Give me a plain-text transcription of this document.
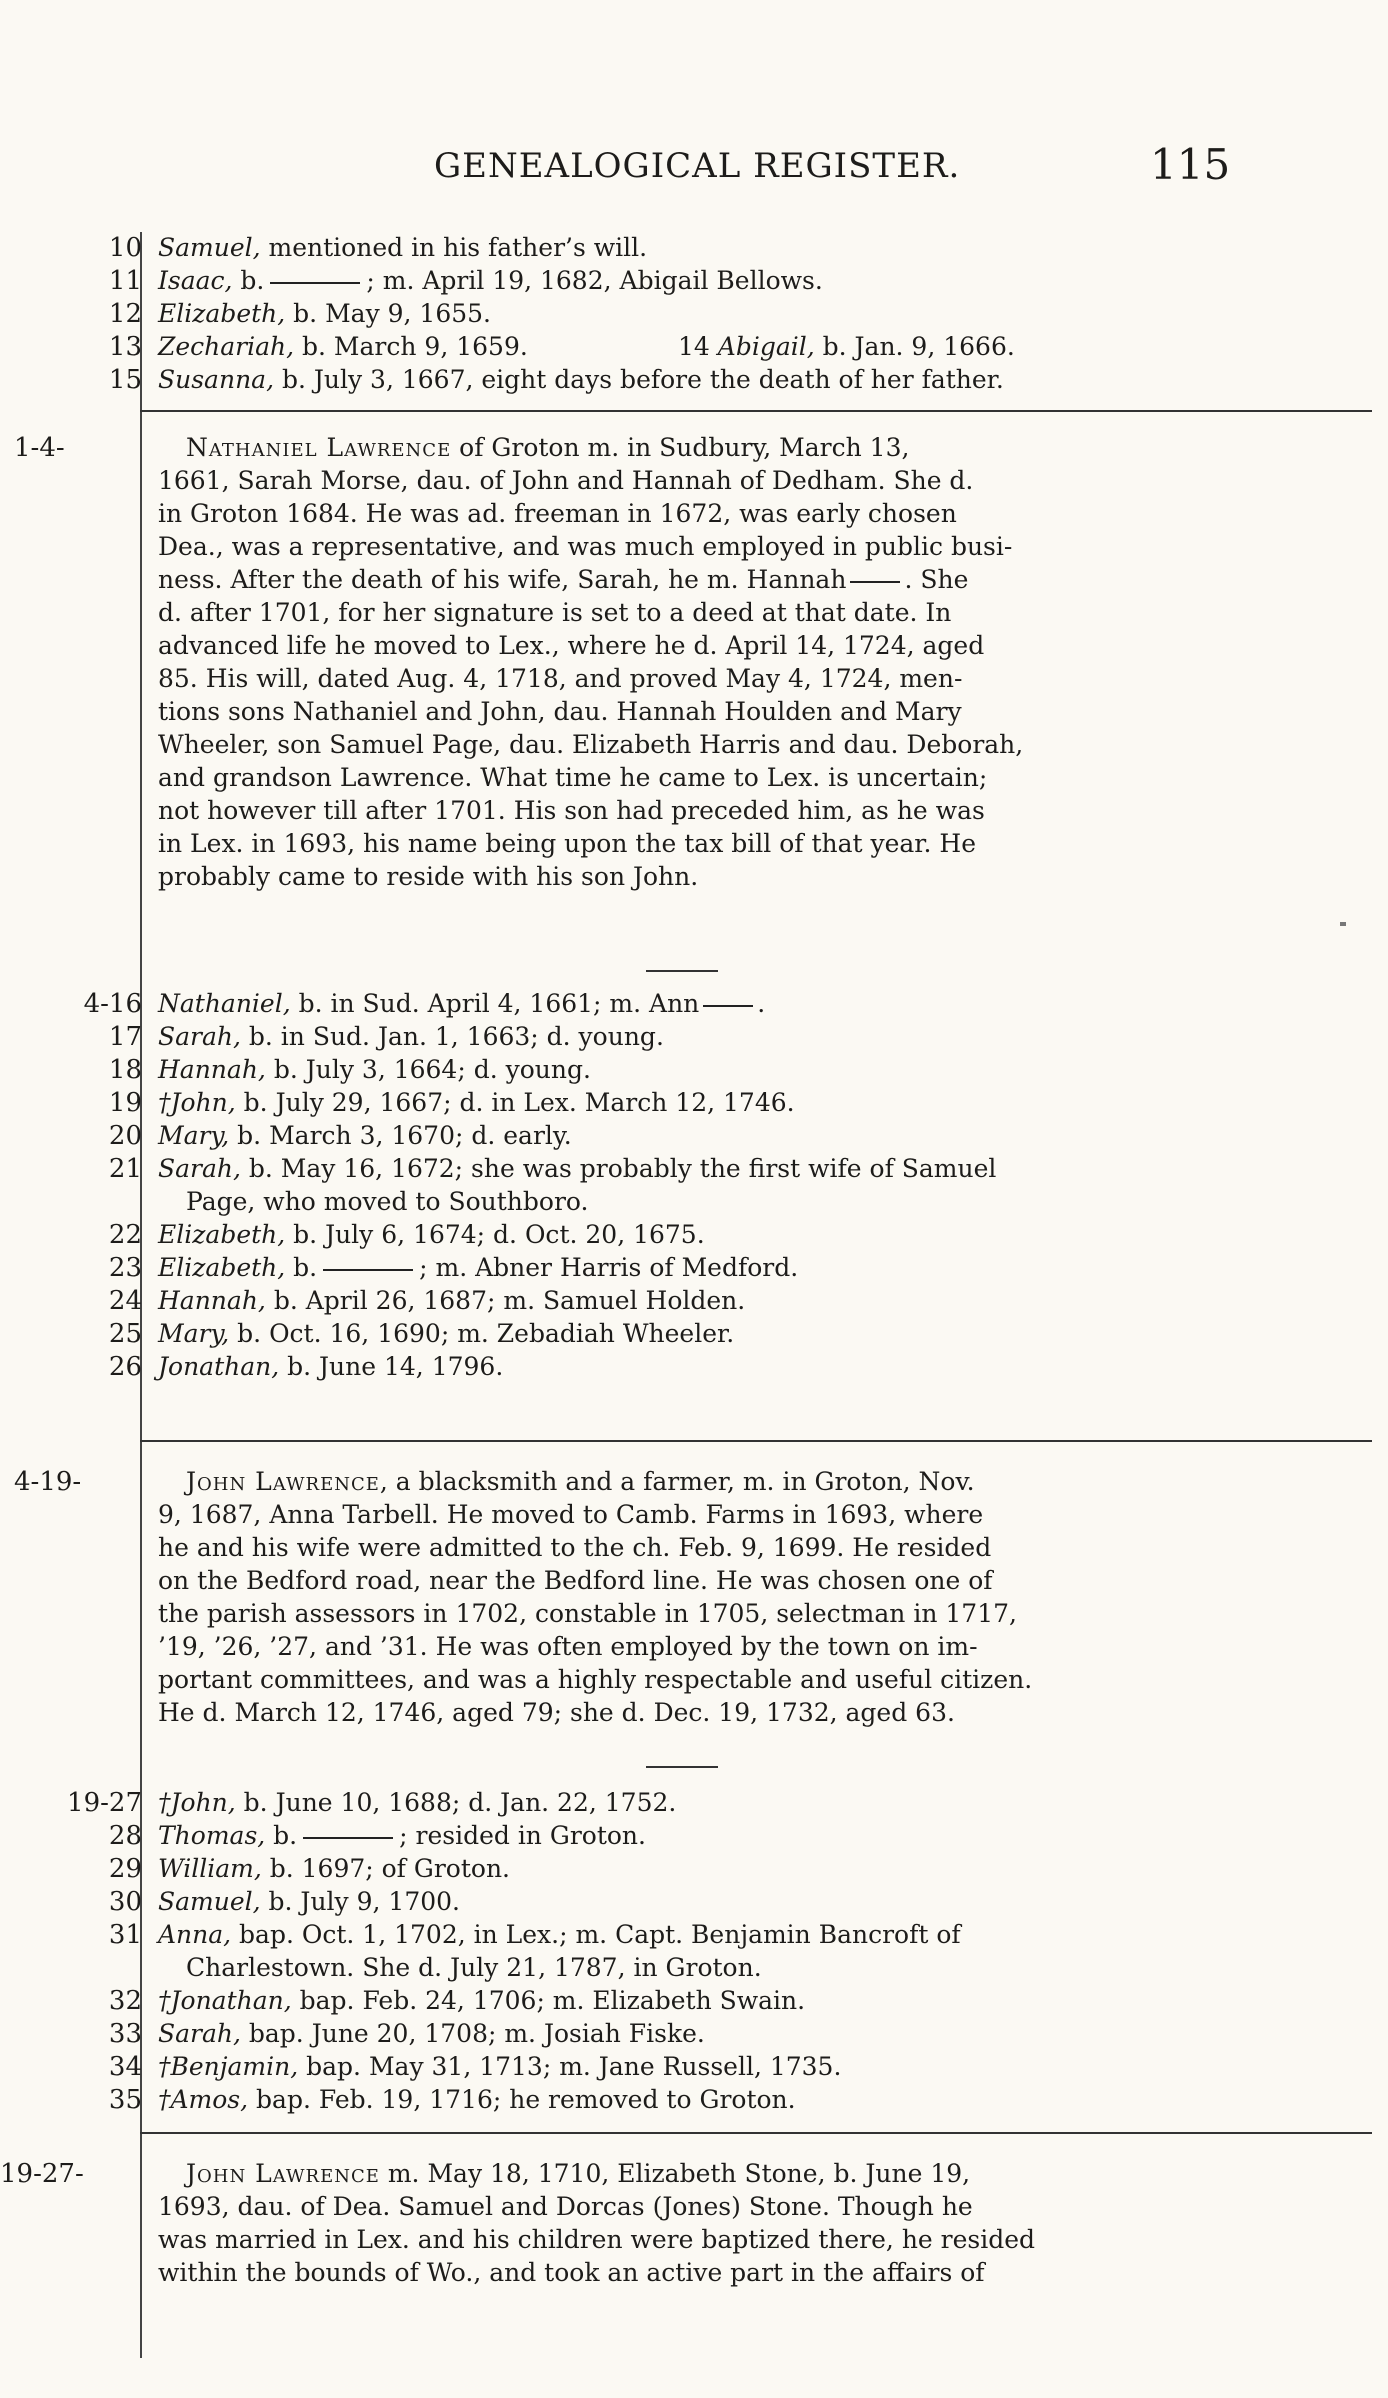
GENEALOGICAL REGISTER.	115
10 Samuel, mentioned in his father’s will.
11 Isaac, b.	; m. April 19, 1682, Abigail Bellows.
12 Elizabeth, b. May 9, 1655.
13 Zechariah, b. March 9, 1659.	14 Abigail, b. Jan. 9, 1666.
15 Susanna, b. July 3, 1667, eight days before the death of her father.
1-4-	Nathaniel Lawrence of Groton m. in Sudbury, March 13,
1661, Sarah Morse, dau. of John and Hannah of Dedham. She d.
in Groton 1684. He was ad. freeman in 1672, was early chosen
Dea., was a representative, and was much employed in public busi-
ness. After the death of his wife, Sarah, he m. Hannah . She
d. after 1701, for her signature is set to a deed at that date. In
advanced life he moved to Lex., where he d. April 14, 1724, aged
85. His will, dated Aug. 4, 1718, and proved May 4, 1724, men-
tions sons Nathaniel and John, dau. Hannah Houlden and Mary
Wheeler, son Samuel Page, dau. Elizabeth Harris and dau. Deborah,
and grandson Lawrence. What time he came to Lex. is uncertain;
not however till after 1701. His son had preceded him, as he was
in Lex. in 1693, his name being upon the tax bill of that year. He
probably came to reside with his son John.
4-16 Nathaniel, b. in Sud. April 4, 1661; m. Ann .
17 Sarah, b. in Sud. Jan. 1, 1663; d. young.
18 Hannah, b. July 3, 1664; d. young.
19 †John, b. July 29, 1667; d. in Lex. March 12, 1746.
20 Mary, b. March 3, 1670; d. early.
21 Sarah, b. May 16, 1672; she was probably the first wife of Samuel
Page, who moved to Southboro.
22 Elizabeth, b. July 6, 1674; d. Oct. 20, 1675.
23 Elizabeth, b.	; m. Abner Harris of Medford.
24 Hannah, b. April 26, 1687; m. Samuel Holden.
25 Mary, b. Oct. 16, 1690; m. Zebadiah Wheeler.
26 Jonathan, b. June 14, 1796.
4-19-	John Lawrence, a blacksmith and a farmer, m. in Groton, Nov.
9, 1687, Anna Tarbell. He moved to Camb. Farms in 1693, where
he and his wife were admitted to the ch. Feb. 9, 1699. He resided
on the Bedford road, near the Bedford line. He was chosen one of
the parish assessors in 1702, constable in 1705, selectman in 1717,
’19, ’26, ’27, and ’31. He was often employed by the town on im-
portant committees, and was a highly respectable and useful citizen.
He d. March 12, 1746, aged 79; she d. Dec. 19, 1732, aged 63.
19-27 †John, b. June 10, 1688; d. Jan. 22, 1752.
28 Thomas, b.	; resided in Groton.
29 William, b. 1697; of Groton.
30 Samuel, b. July 9, 1700.
31 Anna, bap. Oct. 1, 1702, in Lex.; m. Capt. Benjamin Bancroft of
Charlestown. She d. July 21, 1787, in Groton.
32 †Jonathan, bap. Feb. 24, 1706; m. Elizabeth Swain.
33 Sarah, bap. June 20, 1708; m. Josiah Fiske.
34 †Benjamin, bap. May 31, 1713; m. Jane Russell, 1735.
35 †Amos, bap. Feb. 19, 1716; he removed to Groton.
19-27-	John Lawrence m. May 18, 1710, Elizabeth Stone, b. June 19,
1693, dau. of Dea. Samuel and Dorcas (Jones) Stone. Though he
was married in Lex. and his children were baptized there, he resided
within the bounds of Wo., and took an active part in the affairs of
